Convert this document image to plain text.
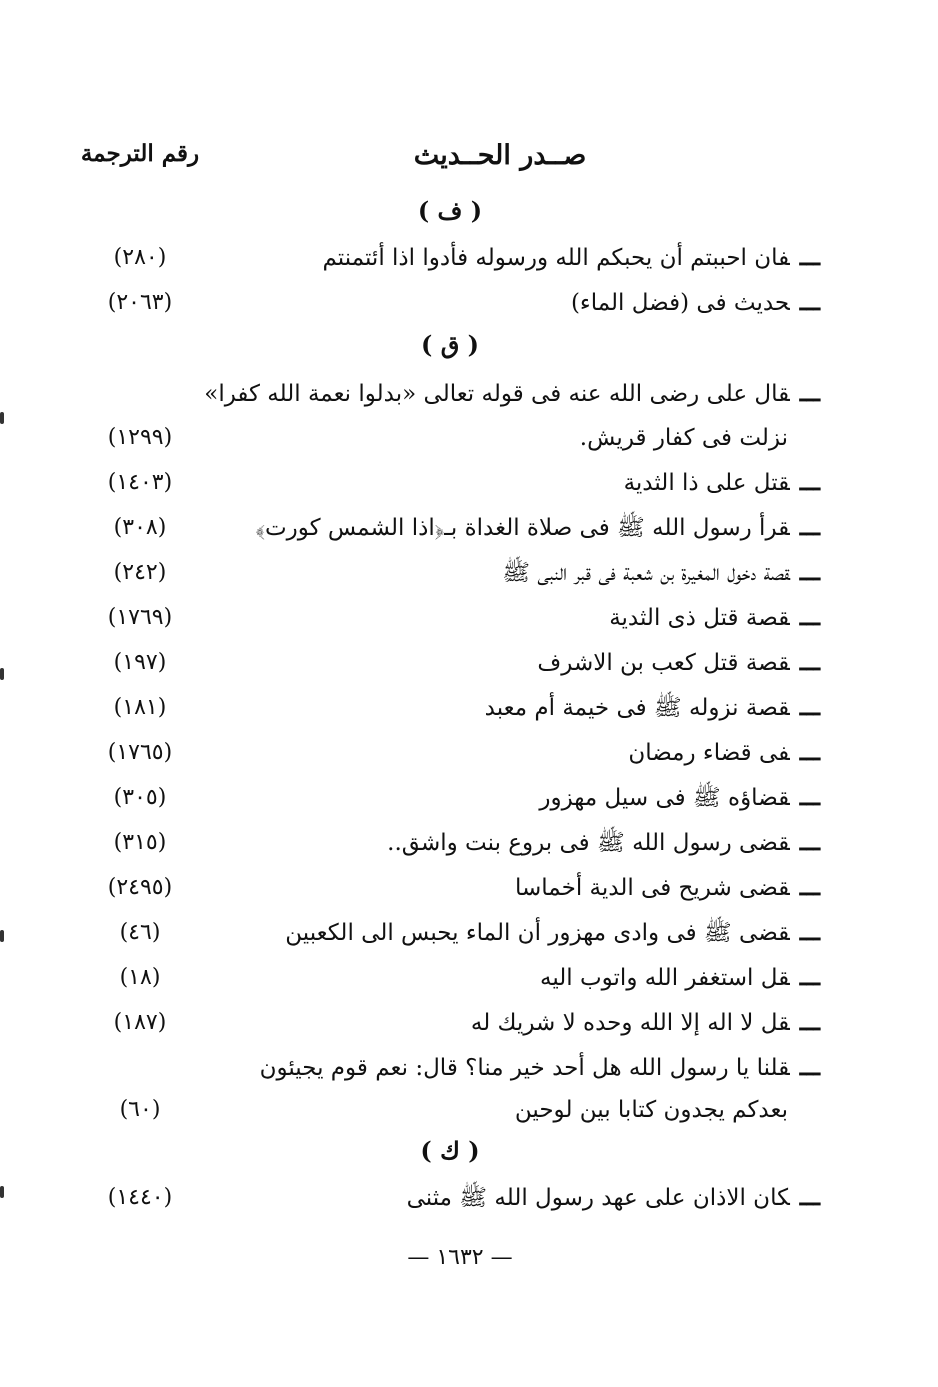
صــدر الحــديث
رقم الترجمة
( ف )
ـــفان احببتم أن يحبكم الله ورسوله فأدوا اذا أئتمنتم
(٢٨٠)
ـــحديث فى (فضل الماء)
(٢٠٦٣)
( ق )
ـــقال على رضى الله عنه فى قوله تعالى «بدلوا نعمة الله كفرا»
نزلت فى كفار قريش.
(١٢٩٩)
ـــقتل على ذا الثدية
(١٤٠٣)
ـــقرأ رسول الله ﷺ فى صلاة الغداة بـ﴿اذا الشمس كورت﴾
(٣٠٨)
ـــقصة دخول المغيرة بن شعبة فى قبر النبى ﷺ
(٢٤٢)
ـــقصة قتل ذى الثدية
(١٧٦٩)
ـــقصة قتل كعب بن الاشرف
(١٩٧)
ـــقصة نزوله ﷺ فى خيمة أم معبد
(١٨١)
ـــفى قضاء رمضان
(١٧٦٥)
ـــقضاؤه ﷺ فى سيل مهزور
(٣٠٥)
ـــقضى رسول الله ﷺ فى بروع بنت واشق..
(٣١٥)
ـــقضى شريح فى الدية أخماسا
(٢٤٩٥)
ـــقضى ﷺ فى وادى مهزور أن الماء يحبس الى الكعبين
(٤٦)
ـــقل استغفر الله واتوب اليه
(١٨)
ـــقل لا اله إلا الله وحده لا شريك له
(١٨٧)
ـــقلنا يا رسول الله هل أحد خير منا؟ قال: نعم قوم يجيئون
بعدكم يجدون كتابا بين لوحين
(٦٠)
( ك )
ـــكان الاذان على عهد رسول الله ﷺ مثنى
(١٤٤٠)
— ١٦٣٢ —
